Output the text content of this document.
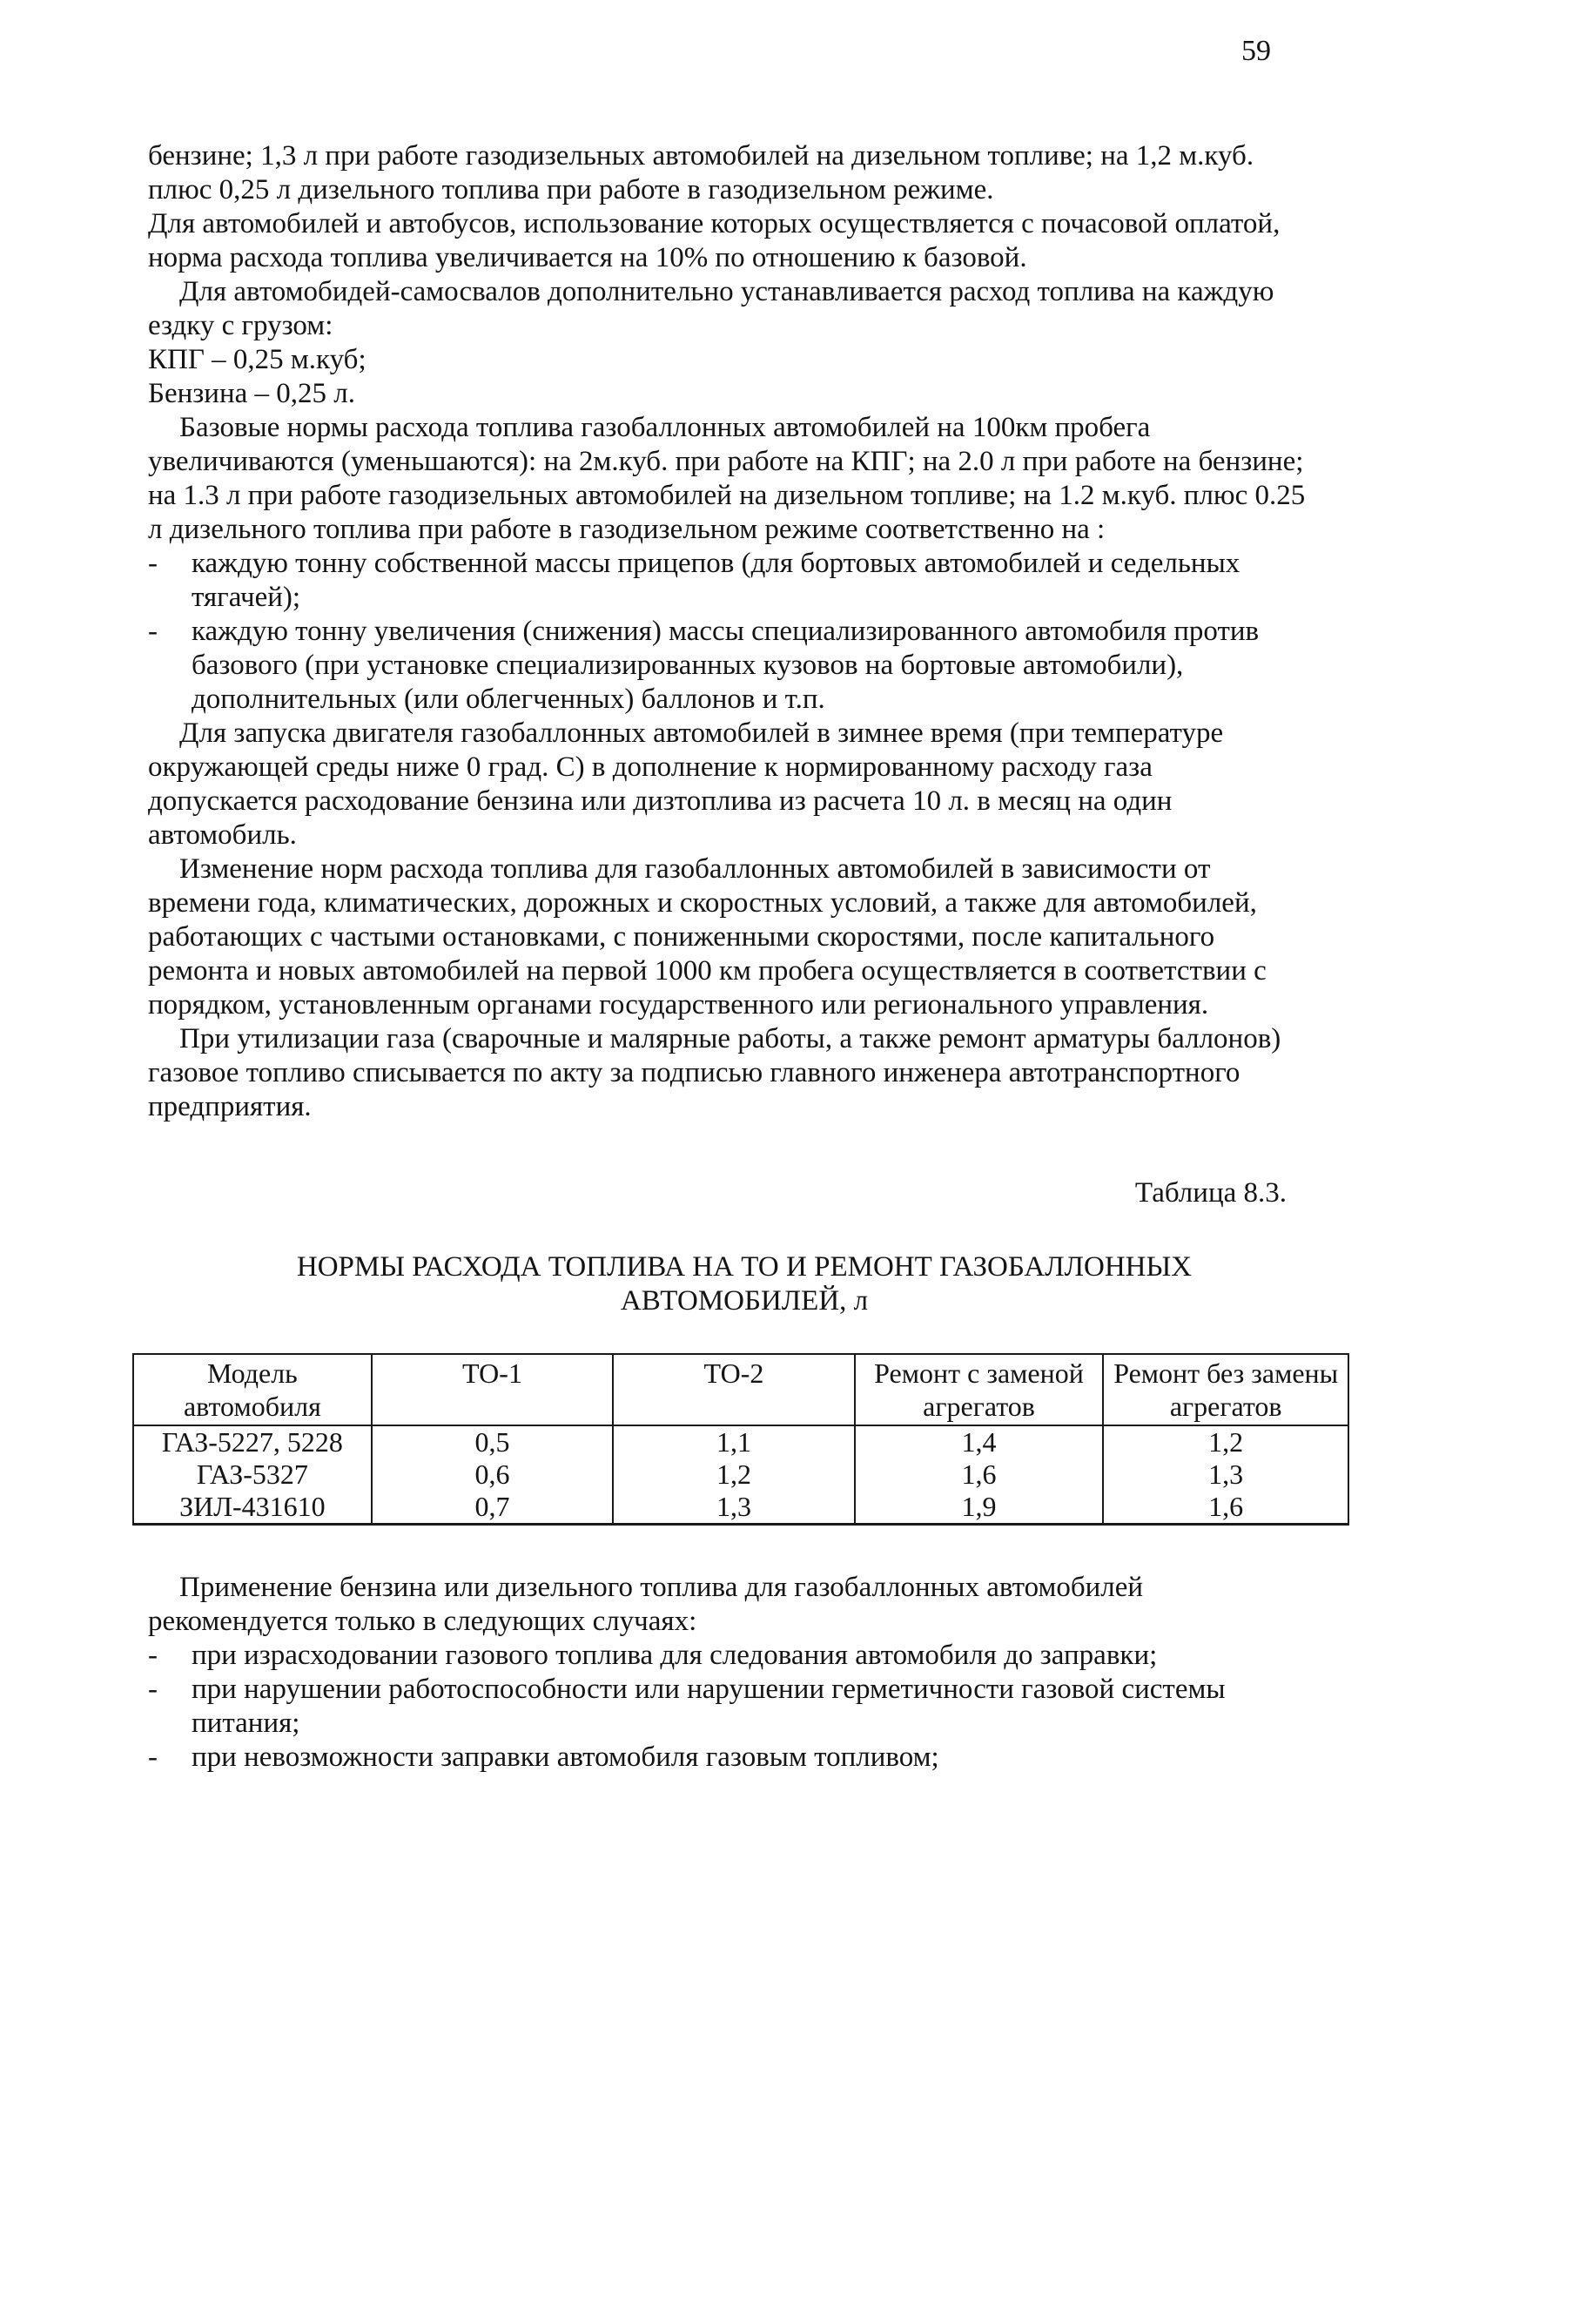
59

бензине; 1,3 л при работе газодизельных автомобилей на дизельном топливе; на 1,2 м.куб. плюс 0,25 л дизельного топлива при работе в газодизельном режиме.

Для автомобилей и автобусов, использование которых осуществляется с почасовой оплатой, норма расхода топлива увеличивается на 10% по отношению к базовой.

Для автомобидей-самосвалов дополнительно устанавливается расход топлива на каждую ездку с грузом:

КПГ – 0,25 м.куб;

Бензина – 0,25 л.

Базовые нормы расхода топлива газобаллонных автомобилей на 100км пробега увеличиваются (уменьшаются): на 2м.куб. при работе на КПГ; на 2.0 л при работе на бензине; на 1.3 л при работе газодизельных автомобилей на дизельном топливе; на 1.2 м.куб. плюс 0.25 л дизельного топлива при работе в газодизельном режиме соответственно на :

- каждую тонну собственной массы прицепов (для бортовых автомобилей и седельных тягачей);
- каждую тонну увеличения (снижения) массы специализированного автомобиля против базового (при установке специализированных кузовов на бортовые автомобили), дополнительных (или облегченных) баллонов и т.п.

Для запуска двигателя газобаллонных автомобилей в зимнее время (при температуре окружающей среды ниже 0 град. С) в дополнение к нормированному расходу газа допускается расходование бензина или дизтоплива из расчета 10 л. в месяц на один автомобиль.

Изменение норм расхода топлива для газобаллонных автомобилей в зависимости от времени года, климатических, дорожных и скоростных условий, а также для автомобилей, работающих с частыми остановками, с пониженными скоростями, после капитального ремонта и новых автомобилей на первой 1000 км пробега осуществляется в соответствии с порядком, установленным органами государственного или регионального управления.

При утилизации газа (сварочные и малярные работы, а также ремонт арматуры баллонов) газовое топливо списывается по акту за подписью главного инженера автотранспортного предприятия.

Таблица 8.3.

НОРМЫ РАСХОДА ТОПЛИВА НА ТО И РЕМОНТ ГАЗОБАЛЛОННЫХ
АВТОМОБИЛЕЙ, л
Модель автомобиля	ТО-1	ТО-2	Ремонт с заменой агрегатов	Ремонт без замены агрегатов
ГАЗ-5227, 5228	0,5	1,1	1,4	1,2
ГАЗ-5327	0,6	1,2	1,6	1,3
ЗИЛ-431610	0,7	1,3	1,9	1,6

Применение бензина или дизельного топлива для газобаллонных автомобилей рекомендуется только в следующих случаях:

- при израсходовании газового топлива для следования автомобиля до заправки;
- при нарушении работоспособности или нарушении герметичности газовой системы питания;
- при невозможности заправки автомобиля газовым топливом;
